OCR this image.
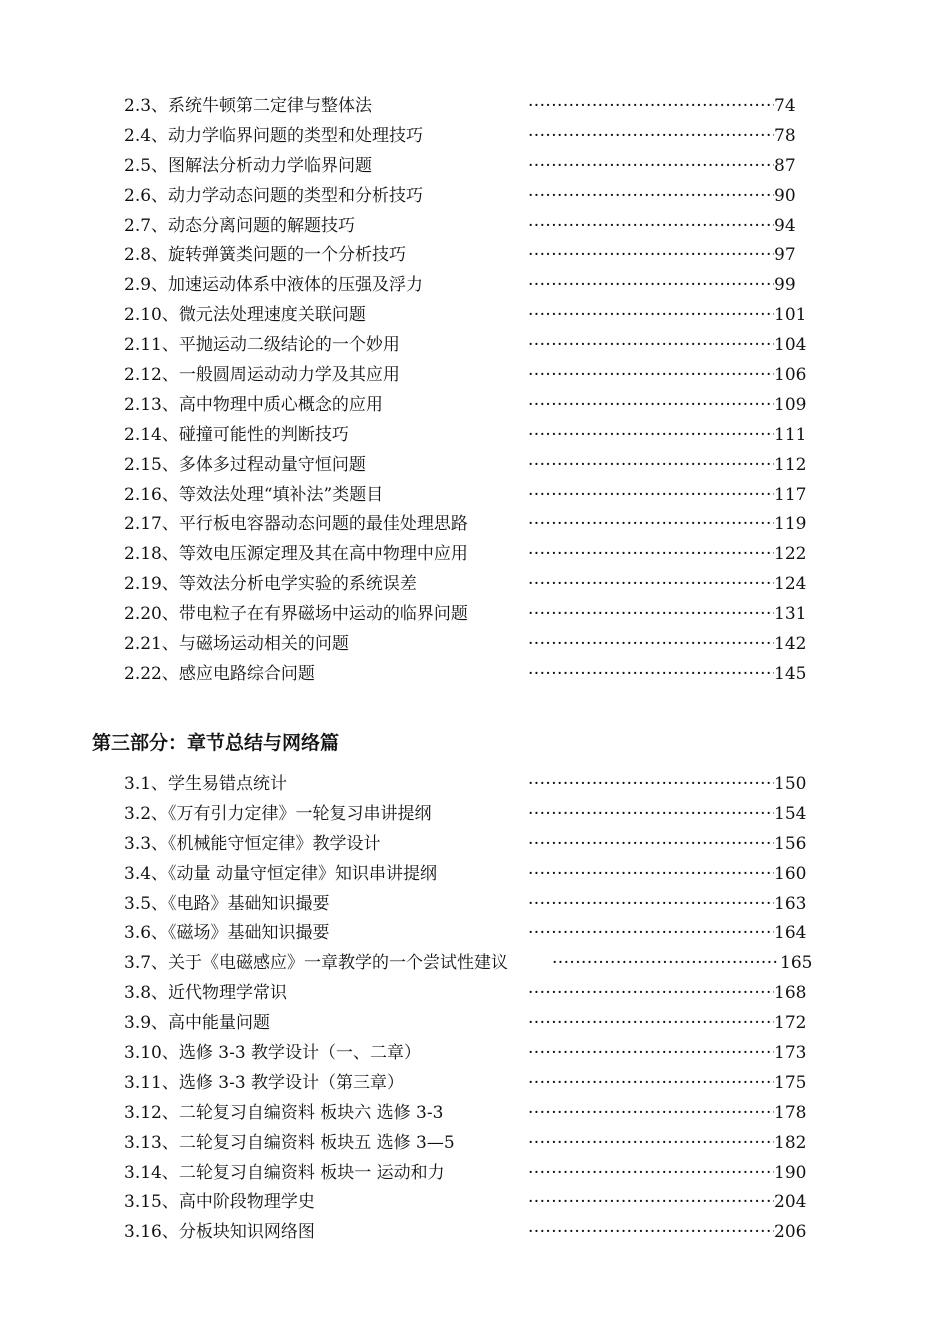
2.3、系统牛顿第二定律与整体法 ·····	74
2.4、动力学临界问题的类型和处理技巧 ·····	78
2.5、图解法分析动力学临界问题 ·····	87
2.6、动力学动态问题的类型和分析技巧 ·····	90
2.7、动态分离问题的解题技巧 ·····	94
2.8、旋转弹簧类问题的一个分析技巧 ·····	97
2.9、加速运动体系中液体的压强及浮力 ·····	99
2.10、微元法处理速度关联问题 ·····	101
2.11、平抛运动二级结论的一个妙用 ·····	104
2.12、一般圆周运动动力学及其应用 ·····	106
2.13、高中物理中质心概念的应用 ·····	109
2.14、碰撞可能性的判断技巧 ·····	111
2.15、多体多过程动量守恒问题 ·····	112
2.16、等效法处理“填补法”类题目 ·····	117
2.17、平行板电容器动态问题的最佳处理思路 ·····	119
2.18、等效电压源定理及其在高中物理中应用 ·····	122
2.19、等效法分析电学实验的系统误差 ·····	124
2.20、带电粒子在有界磁场中运动的临界问题 ·····	131
2.21、与磁场运动相关的问题 ·····	142
2.22、感应电路综合问题 ·····	145
第三部分：章节总结与网络篇
3.1、学生易错点统计 ·····	150
3.2、《万有引力定律》一轮复习串讲提纲 ·····	154
3.3、《机械能守恒定律》教学设计 ·····	156
3.4、《动量 动量守恒定律》知识串讲提纲 ·····	160
3.5、《电路》基础知识撮要 ·····	163
3.6、《磁场》基础知识撮要 ·····	164
3.7、关于《电磁感应》一章教学的一个尝试性建议 ·····	165
3.8、近代物理学常识 ·····	168
3.9、高中能量问题 ·····	172
3.10、选修 3-3 教学设计（一、二章） ·····	173
3.11、选修 3-3 教学设计（第三章） ·····	175
3.12、二轮复习自编资料 板块六 选修 3-3 ·····	178
3.13、二轮复习自编资料 板块五 选修 3—5 ·····	182
3.14、二轮复习自编资料 板块一 运动和力 ·····	190
3.15、高中阶段物理学史 ·····	204
3.16、分板块知识网络图 ·····	206
